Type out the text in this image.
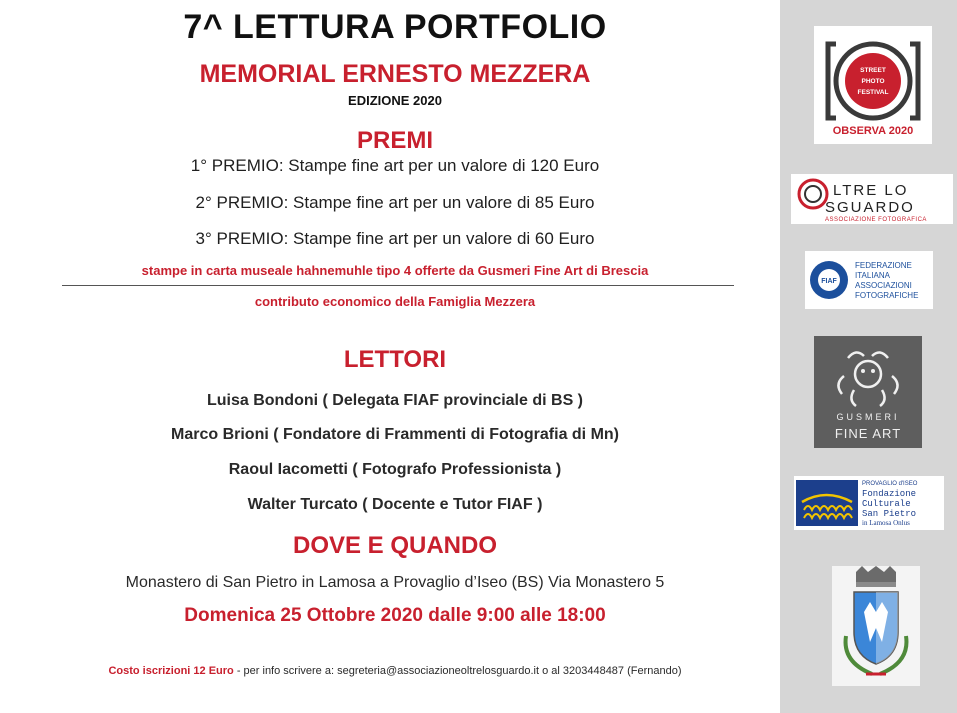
7^ LETTURA PORTFOLIO
MEMORIAL ERNESTO MEZZERA
EDIZIONE 2020
PREMI
1° PREMIO: Stampe fine art per un valore di 120 Euro
2° PREMIO: Stampe fine art per un valore di 85 Euro
3° PREMIO: Stampe fine art per un valore di 60 Euro
stampe in carta museale hahnemuhle tipo 4 offerte da Gusmeri Fine Art di Brescia
contributo economico della Famiglia Mezzera
LETTORI
Luisa Bondoni ( Delegata FIAF provinciale di BS )
Marco Brioni ( Fondatore di Frammenti di Fotografia di Mn)
Raoul Iacometti ( Fotografo Professionista )
Walter Turcato ( Docente e Tutor FIAF )
DOVE E QUANDO
Monastero di San Pietro in Lamosa a Provaglio d’Iseo (BS) Via Monastero 5
Domenica 25 Ottobre 2020 dalle 9:00 alle 18:00
Costo iscrizioni 12 Euro - per info scrivere a: segreteria@associazioneoltrelosguardo.it o al 3203448487 (Fernando)
STREET
PHOTO
FESTIVAL
OBSERVA 2020
LTRE LO
SGUARDO
ASSOCIAZIONE FOTOGRAFICA
FIAF
FEDERAZIONE
ITALIANA
ASSOCIAZIONI
FOTOGRAFICHE
GUSMERI
FINE ART
PROVAGLIO d'ISEO
Fondazione
Culturale
San Pietro
in Lamosa Onlus
